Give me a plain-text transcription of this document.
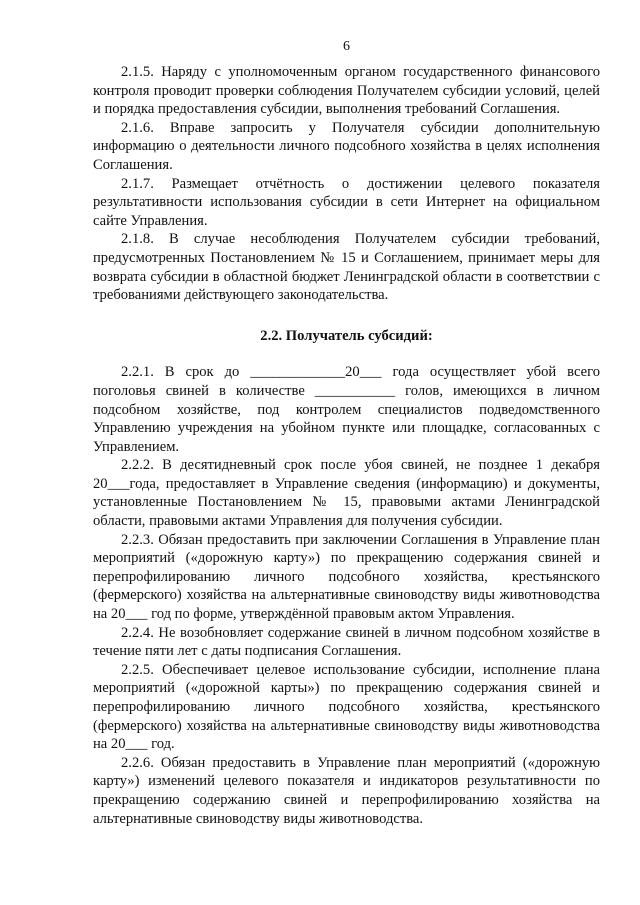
6

2.1.5. Наряду с уполномоченным органом государственного финансового контроля проводит проверки соблюдения Получателем субсидии условий, целей и порядка предоставления субсидии, выполнения требований Соглашения.

2.1.6. Вправе запросить у Получателя субсидии дополнительную информацию о деятельности личного подсобного хозяйства в целях исполнения Соглашения.

2.1.7. Размещает отчётность о достижении целевого показателя результативности использования субсидии в сети Интернет на официальном сайте Управления.

2.1.8. В случае несоблюдения Получателем субсидии требований, предусмотренных Постановлением № 15 и Соглашением, принимает меры для возврата субсидии в областной бюджет Ленинградской области в соответствии с требованиями действующего законодательства.

2.2. Получатель субсидий:

2.2.1. В срок до _____________20___ года осуществляет убой всего поголовья свиней в количестве ___________ голов, имеющихся в личном подсобном хозяйстве, под контролем специалистов подведомственного Управлению учреждения на убойном пункте или площадке, согласованных с Управлением.

2.2.2. В десятидневный срок после убоя свиней, не позднее 1 декабря 20___года, предоставляет в Управление сведения (информацию) и документы, установленные Постановлением № 15, правовыми актами Ленинградской области, правовыми актами Управления для получения субсидии.

2.2.3. Обязан предоставить при заключении Соглашения в Управление план мероприятий («дорожную карту») по прекращению содержания свиней и перепрофилированию личного подсобного хозяйства, крестьянского (фермерского) хозяйства на альтернативные свиноводству виды животноводства на 20___ год по форме, утверждённой правовым актом Управления.

2.2.4. Не возобновляет содержание свиней в личном подсобном хозяйстве в течение пяти лет с даты подписания Соглашения.

2.2.5. Обеспечивает целевое использование субсидии, исполнение плана мероприятий («дорожной карты») по прекращению содержания свиней и перепрофилированию личного подсобного хозяйства, крестьянского (фермерского) хозяйства на альтернативные свиноводству виды животноводства на 20___ год.

2.2.6. Обязан предоставить в Управление план мероприятий («дорожную карту») изменений целевого показателя и индикаторов результативности по прекращению содержанию свиней и перепрофилированию хозяйства на альтернативные свиноводству виды животноводства.
